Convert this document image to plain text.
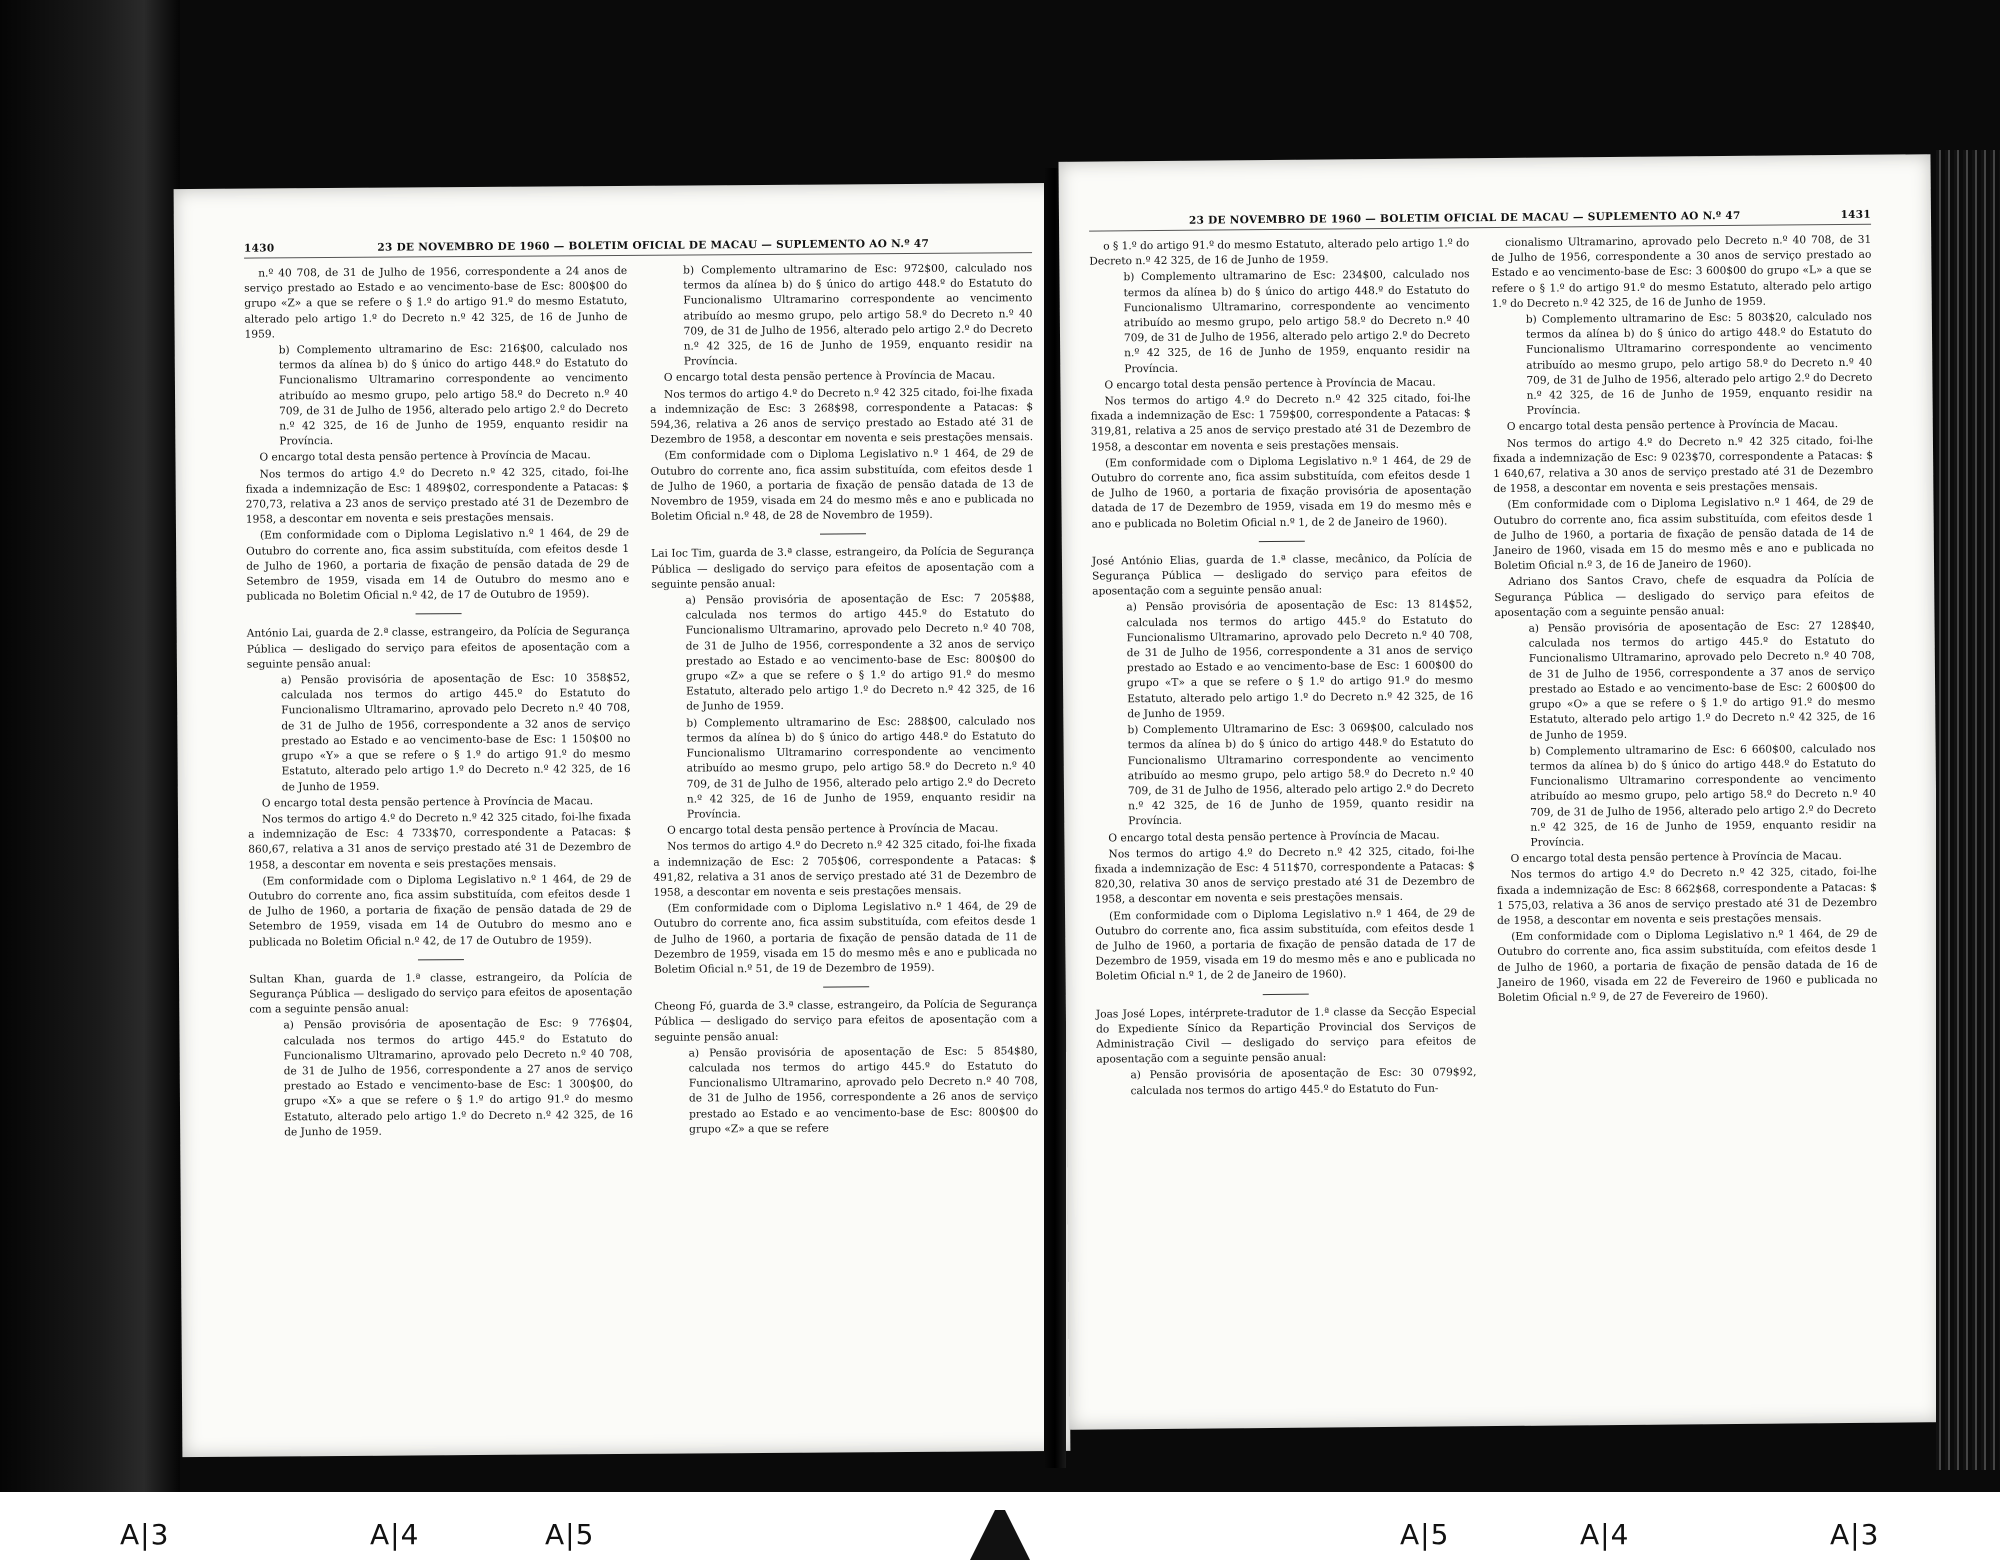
1430	23 DE NOVEMBRO DE 1960 — BOLETIM OFICIAL DE MACAU — SUPLEMENTO AO N.º 47

n.º 40 708, de 31 de Julho de 1956, correspondente a 24 anos de serviço prestado ao Estado e ao vencimento-base de Esc: 800$00 do grupo «Z» a que se refere o § 1.º do artigo 91.º do mesmo Estatuto, alterado pelo artigo 1.º do Decreto n.º 42 325, de 16 de Junho de 1959.

b) Complemento ultramarino de Esc: 216$00, calculado nos termos da alínea b) do § único do artigo 448.º do Estatuto do Funcionalismo Ultramarino correspondente ao vencimento atribuído ao mesmo grupo, pelo artigo 58.º do Decreto n.º 40 709, de 31 de Julho de 1956, alterado pelo artigo 2.º do Decreto n.º 42 325, de 16 de Junho de 1959, enquanto residir na Província.

O encargo total desta pensão pertence à Província de Macau.

Nos termos do artigo 4.º do Decreto n.º 42 325, citado, foi-lhe fixada a indemnização de Esc: 1 489$02, correspondente a Patacas: $ 270,73, relativa a 23 anos de serviço prestado até 31 de Dezembro de 1958, a descontar em noventa e seis prestações mensais.

(Em conformidade com o Diploma Legislativo n.º 1 464, de 29 de Outubro do corrente ano, fica assim substituída, com efeitos desde 1 de Julho de 1960, a portaria de fixação de pensão datada de 29 de Setembro de 1959, visada em 14 de Outubro do mesmo ano e publicada no Boletim Oficial n.º 42, de 17 de Outubro de 1959).

António Lai, guarda de 2.ª classe, estrangeiro, da Polícia de Segurança Pública — desligado do serviço para efeitos de aposentação com a seguinte pensão anual:

a) Pensão provisória de aposentação de Esc: 10 358$52, calculada nos termos do artigo 445.º do Estatuto do Funcionalismo Ultramarino, aprovado pelo Decreto n.º 40 708, de 31 de Julho de 1956, correspondente a 32 anos de serviço prestado ao Estado e ao vencimento-base de Esc: 1 150$00 no grupo «Y» a que se refere o § 1.º do artigo 91.º do mesmo Estatuto, alterado pelo artigo 1.º do Decreto n.º 42 325, de 16 de Junho de 1959.

O encargo total desta pensão pertence à Província de Macau.

Nos termos do artigo 4.º do Decreto n.º 42 325 citado, foi-lhe fixada a indemnização de Esc: 4 733$70, correspondente a Patacas: $ 860,67, relativa a 31 anos de serviço prestado até 31 de Dezembro de 1958, a descontar em noventa e seis prestações mensais.

(Em conformidade com o Diploma Legislativo n.º 1 464, de 29 de Outubro do corrente ano, fica assim substituída, com efeitos desde 1 de Julho de 1960, a portaria de fixação de pensão datada de 29 de Setembro de 1959, visada em 14 de Outubro do mesmo ano e publicada no Boletim Oficial n.º 42, de 17 de Outubro de 1959).

Sultan Khan, guarda de 1.ª classe, estrangeiro, da Polícia de Segurança Pública — desligado do serviço para efeitos de aposentação com a seguinte pensão anual:

a) Pensão provisória de aposentação de Esc: 9 776$04, calculada nos termos do artigo 445.º do Estatuto do Funcionalismo Ultramarino, aprovado pelo Decreto n.º 40 708, de 31 de Julho de 1956, correspondente a 27 anos de serviço prestado ao Estado e vencimento-base de Esc: 1 300$00, do grupo «X» a que se refere o § 1.º do artigo 91.º do mesmo Estatuto, alterado pelo artigo 1.º do Decreto n.º 42 325, de 16 de Junho de 1959.

b) Complemento ultramarino de Esc: 972$00, calculado nos termos da alínea b) do § único do artigo 448.º do Estatuto do Funcionalismo Ultramarino correspondente ao vencimento atribuído ao mesmo grupo, pelo artigo 58.º do Decreto n.º 40 709, de 31 de Julho de 1956, alterado pelo artigo 2.º do Decreto n.º 42 325, de 16 de Junho de 1959, enquanto residir na Província.

O encargo total desta pensão pertence à Província de Macau.

Nos termos do artigo 4.º do Decreto n.º 42 325 citado, foi-lhe fixada a indemnização de Esc: 3 268$98, correspondente a Patacas: $ 594,36, relativa a 26 anos de serviço prestado ao Estado até 31 de Dezembro de 1958, a descontar em noventa e seis prestações mensais.

(Em conformidade com o Diploma Legislativo n.º 1 464, de 29 de Outubro do corrente ano, fica assim substituída, com efeitos desde 1 de Julho de 1960, a portaria de fixação de pensão datada de 13 de Novembro de 1959, visada em 24 do mesmo mês e ano e publicada no Boletim Oficial n.º 48, de 28 de Novembro de 1959).

Lai Ioc Tim, guarda de 3.ª classe, estrangeiro, da Polícia de Segurança Pública — desligado do serviço para efeitos de aposentação com a seguinte pensão anual:

a) Pensão provisória de aposentação de Esc: 7 205$88, calculada nos termos do artigo 445.º do Estatuto do Funcionalismo Ultramarino, aprovado pelo Decreto n.º 40 708, de 31 de Julho de 1956, correspondente a 32 anos de serviço prestado ao Estado e ao vencimento-base de Esc: 800$00 do grupo «Z» a que se refere o § 1.º do artigo 91.º do mesmo Estatuto, alterado pelo artigo 1.º do Decreto n.º 42 325, de 16 de Junho de 1959.

b) Complemento ultramarino de Esc: 288$00, calculado nos termos da alínea b) do § único do artigo 448.º do Estatuto do Funcionalismo Ultramarino correspondente ao vencimento atribuído ao mesmo grupo, pelo artigo 58.º do Decreto n.º 40 709, de 31 de Julho de 1956, alterado pelo artigo 2.º do Decreto n.º 42 325, de 16 de Junho de 1959, enquanto residir na Província.

O encargo total desta pensão pertence à Província de Macau.

Nos termos do artigo 4.º do Decreto n.º 42 325 citado, foi-lhe fixada a indemnização de Esc: 2 705$06, correspondente a Patacas: $ 491,82, relativa a 31 anos de serviço prestado até 31 de Dezembro de 1958, a descontar em noventa e seis prestações mensais.

(Em conformidade com o Diploma Legislativo n.º 1 464, de 29 de Outubro do corrente ano, fica assim substituída, com efeitos desde 1 de Julho de 1960, a portaria de fixação de pensão datada de 11 de Dezembro de 1959, visada em 15 do mesmo mês e ano e publicada no Boletim Oficial n.º 51, de 19 de Dezembro de 1959).

Cheong Fó, guarda de 3.ª classe, estrangeiro, da Polícia de Segurança Pública — desligado do serviço para efeitos de aposentação com a seguinte pensão anual:

a) Pensão provisória de aposentação de Esc: 5 854$80, calculada nos termos do artigo 445.º do Estatuto do Funcionalismo Ultramarino, aprovado pelo Decreto n.º 40 708, de 31 de Julho de 1956, correspondente a 26 anos de serviço prestado ao Estado e ao vencimento-base de Esc: 800$00 do grupo «Z» a que se refere

23 DE NOVEMBRO DE 1960 — BOLETIM OFICIAL DE MACAU — SUPLEMENTO AO N.º 47	1431

o § 1.º do artigo 91.º do mesmo Estatuto, alterado pelo artigo 1.º do Decreto n.º 42 325, de 16 de Junho de 1959.

b) Complemento ultramarino de Esc: 234$00, calculado nos termos da alínea b) do § único do artigo 448.º do Estatuto do Funcionalismo Ultramarino, correspondente ao vencimento atribuído ao mesmo grupo, pelo artigo 58.º do Decreto n.º 40 709, de 31 de Julho de 1956, alterado pelo artigo 2.º do Decreto n.º 42 325, de 16 de Junho de 1959, enquanto residir na Província.

O encargo total desta pensão pertence à Província de Macau.

Nos termos do artigo 4.º do Decreto n.º 42 325 citado, foi-lhe fixada a indemnização de Esc: 1 759$00, correspondente a Patacas: $ 319,81, relativa a 25 anos de serviço prestado até 31 de Dezembro de 1958, a descontar em noventa e seis prestações mensais.

(Em conformidade com o Diploma Legislativo n.º 1 464, de 29 de Outubro do corrente ano, fica assim substituída, com efeitos desde 1 de Julho de 1960, a portaria de fixação provisória de aposentação datada de 17 de Dezembro de 1959, visada em 19 do mesmo mês e ano e publicada no Boletim Oficial n.º 1, de 2 de Janeiro de 1960).

José António Elias, guarda de 1.ª classe, mecânico, da Polícia de Segurança Pública — desligado do serviço para efeitos de aposentação com a seguinte pensão anual:

a) Pensão provisória de aposentação de Esc: 13 814$52, calculada nos termos do artigo 445.º do Estatuto do Funcionalismo Ultramarino, aprovado pelo Decreto n.º 40 708, de 31 de Julho de 1956, correspondente a 31 anos de serviço prestado ao Estado e ao vencimento-base de Esc: 1 600$00 do grupo «T» a que se refere o § 1.º do artigo 91.º do mesmo Estatuto, alterado pelo artigo 1.º do Decreto n.º 42 325, de 16 de Junho de 1959.

b) Complemento Ultramarino de Esc: 3 069$00, calculado nos termos da alínea b) do § único do artigo 448.º do Estatuto do Funcionalismo Ultramarino correspondente ao vencimento atribuído ao mesmo grupo, pelo artigo 58.º do Decreto n.º 40 709, de 31 de Julho de 1956, alterado pelo artigo 2.º do Decreto n.º 42 325, de 16 de Junho de 1959, quanto residir na Província.

O encargo total desta pensão pertence à Província de Macau.

Nos termos do artigo 4.º do Decreto n.º 42 325, citado, foi-lhe fixada a indemnização de Esc: 4 511$70, correspondente a Patacas: $ 820,30, relativa 30 anos de serviço prestado até 31 de Dezembro de 1958, a descontar em noventa e seis prestações mensais.

(Em conformidade com o Diploma Legislativo n.º 1 464, de 29 de Outubro do corrente ano, fica assim substituída, com efeitos desde 1 de Julho de 1960, a portaria de fixação de pensão datada de 17 de Dezembro de 1959, visada em 19 do mesmo mês e ano e publicada no Boletim Oficial n.º 1, de 2 de Janeiro de 1960).

Joas José Lopes, intérprete-tradutor de 1.ª classe da Secção Especial do Expediente Sínico da Repartição Provincial dos Serviços de Administração Civil — desligado do serviço para efeitos de aposentação com a seguinte pensão anual:

a) Pensão provisória de aposentação de Esc: 30 079$92, calculada nos termos do artigo 445.º do Estatuto do Fun-

cionalismo Ultramarino, aprovado pelo Decreto n.º 40 708, de 31 de Julho de 1956, correspondente a 30 anos de serviço prestado ao Estado e ao vencimento-base de Esc: 3 600$00 do grupo «L» a que se refere o § 1.º do artigo 91.º do mesmo Estatuto, alterado pelo artigo 1.º do Decreto n.º 42 325, de 16 de Junho de 1959.

b) Complemento ultramarino de Esc: 5 803$20, calculado nos termos da alínea b) do § único do artigo 448.º do Estatuto do Funcionalismo Ultramarino correspondente ao vencimento atribuído ao mesmo grupo, pelo artigo 58.º do Decreto n.º 40 709, de 31 de Julho de 1956, alterado pelo artigo 2.º do Decreto n.º 42 325, de 16 de Junho de 1959, enquanto residir na Província.

O encargo total desta pensão pertence à Província de Macau.

Nos termos do artigo 4.º do Decreto n.º 42 325 citado, foi-lhe fixada a indemnização de Esc: 9 023$70, correspondente a Patacas: $ 1 640,67, relativa a 30 anos de serviço prestado até 31 de Dezembro de 1958, a descontar em noventa e seis prestações mensais.

(Em conformidade com o Diploma Legislativo n.º 1 464, de 29 de Outubro do corrente ano, fica assim substituída, com efeitos desde 1 de Julho de 1960, a portaria de fixação de pensão datada de 14 de Janeiro de 1960, visada em 15 do mesmo mês e ano e publicada no Boletim Oficial n.º 3, de 16 de Janeiro de 1960).

Adriano dos Santos Cravo, chefe de esquadra da Polícia de Segurança Pública — desligado do serviço para efeitos de aposentação com a seguinte pensão anual:

a) Pensão provisória de aposentação de Esc: 27 128$40, calculada nos termos do artigo 445.º do Estatuto do Funcionalismo Ultramarino, aprovado pelo Decreto n.º 40 708, de 31 de Julho de 1956, correspondente a 37 anos de serviço prestado ao Estado e ao vencimento-base de Esc: 2 600$00 do grupo «O» a que se refere o § 1.º do artigo 91.º do mesmo Estatuto, alterado pelo artigo 1.º do Decreto n.º 42 325, de 16 de Junho de 1959.

b) Complemento ultramarino de Esc: 6 660$00, calculado nos termos da alínea b) do § único do artigo 448.º do Estatuto do Funcionalismo Ultramarino correspondente ao vencimento atribuído ao mesmo grupo, pelo artigo 58.º do Decreto n.º 40 709, de 31 de Julho de 1956, alterado pelo artigo 2.º do Decreto n.º 42 325, de 16 de Junho de 1959, enquanto residir na Província.

O encargo total desta pensão pertence à Província de Macau.

Nos termos do artigo 4.º do Decreto n.º 42 325, citado, foi-lhe fixada a indemnização de Esc: 8 662$68, correspondente a Patacas: $ 1 575,03, relativa a 36 anos de serviço prestado até 31 de Dezembro de 1958, a descontar em noventa e seis prestações mensais.

(Em conformidade com o Diploma Legislativo n.º 1 464, de 29 de Outubro do corrente ano, fica assim substituída, com efeitos desde 1 de Julho de 1960, a portaria de fixação de pensão datada de 16 de Janeiro de 1960, visada em 22 de Fevereiro de 1960 e publicada no Boletim Oficial n.º 9, de 27 de Fevereiro de 1960).

A|3	A|4	A|5	A|5	A|4	A|3
